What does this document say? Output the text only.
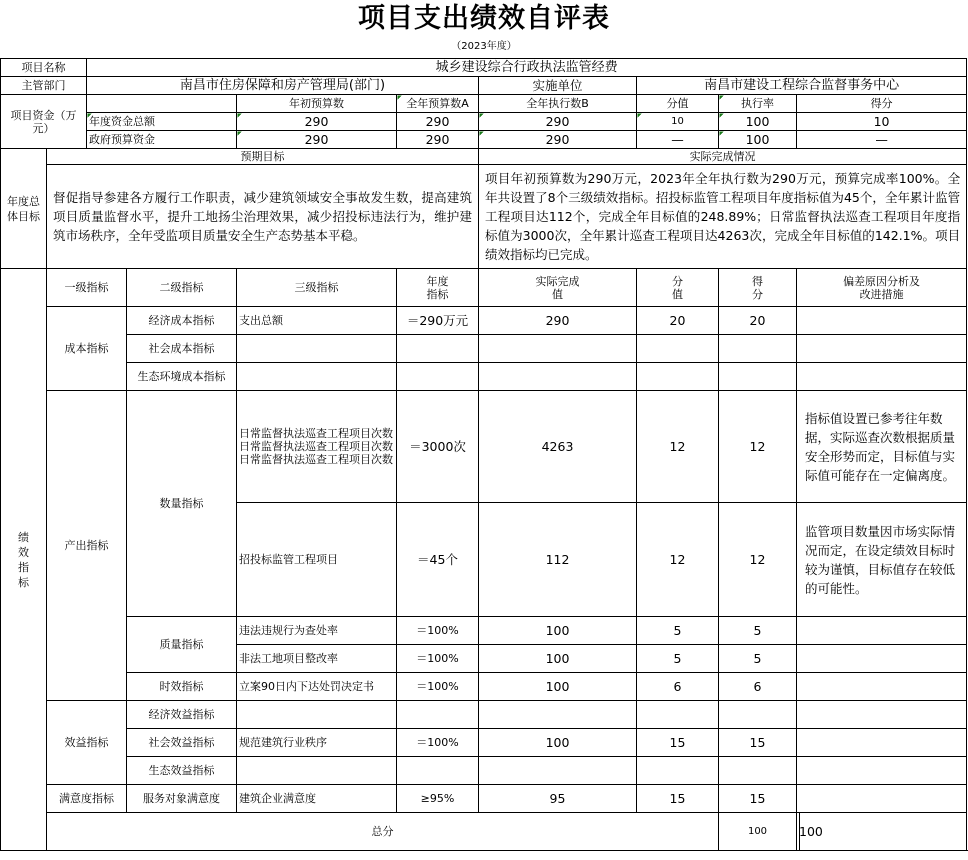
项目支出绩效自评表
（2023年度）
项目名称		城乡建设综合行政执法监管经费								
主管部门		南昌市住房保障和房产管理局(部门)				实施单位	南昌市建设工程综合监督事务中心			
项目资金（万元）				年初预算数	全年预算数A	全年执行数B	分值	执行率	得分	
		年度资金总额		290	290	290	10	100	10	
		政府预算资金		290	290	290	—	100	—	
年度总体目标	预期目标					实际完成情况				
	督促指导参建各方履行工作职责，减少建筑领域安全事故发生数，提高建筑项目质量监督水平，提升工地扬尘治理效果，减少招投标违法行为，维护建筑市场秩序，全年受监项目质量安全生产态势基本平稳。					项目年初预算数为290万元，2023年全年执行数为290万元，预算完成率100%。全年共设置了8个三级绩效指标。招投标监管工程项目年度指标值为45个，全年累计监管工程项目达112个，完成全年目标值的248.89%；日常监督执法巡查工程项目年度指标值为3000次，全年累计巡查工程项目达4263次，完成全年目标值的142.1%。项目绩效指标均已完成。				
绩效指标	一级指标		二级指标	三级指标	年度指标	实际完成值	分值	得分	偏差原因分析及改进措施	
	成本指标		经济成本指标	支出总额	＝290万元	290	20	20		
			社会成本指标							
			生态环境成本指标							
	产出指标		数量指标	日常监督执法巡查工程项目次数日常监督执法巡查工程项目次数日常监督执法巡查工程项目次数	＝3000次	4263	12	12	指标值设置已参考往年数据，实际巡查次数根据质量安全形势而定，目标值与实际值可能存在一定偏离度。	
				招投标监管工程项目	＝45个	112	12	12	监管项目数量因市场实际情况而定，在设定绩效目标时较为谨慎，目标值存在较低的可能性。	
			质量指标	违法违规行为查处率	＝100%	100	5	5		
				非法工地项目整改率	＝100%	100	5	5		
			时效指标	立案90日内下达处罚决定书	＝100%	100	6	6		
	效益指标		经济效益指标							
			社会效益指标	规范建筑行业秩序	＝100%	100	15	15		
			生态效益指标							
	满意度指标		服务对象满意度	建筑企业满意度	≥95%	95	15	15		
	总分							100	100	
